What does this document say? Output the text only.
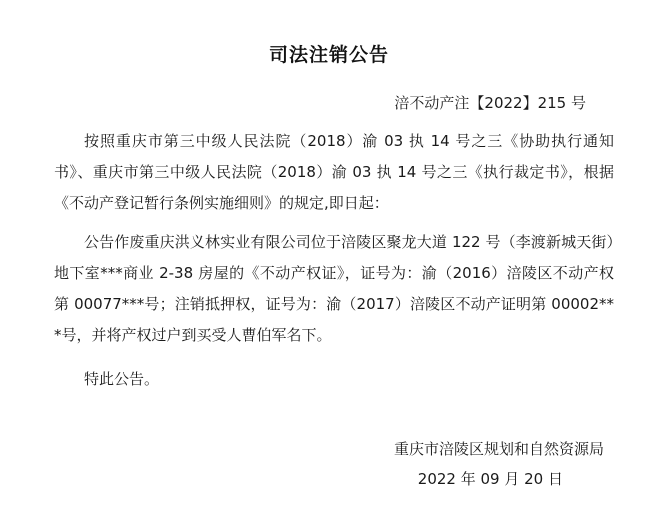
司法注销公告
涪不动产注【2022】215 号
按照重庆市第三中级人民法院（2018）渝 03 执 14 号之三《协助执行通知书》、重庆市第三中级人民法院（2018）渝 03 执 14 号之三《执行裁定书》，根据《不动产登记暂行条例实施细则》的规定,即日起：
公告作废重庆洪义林实业有限公司位于涪陵区聚龙大道 122 号（李渡新城天街）地下室***商业 2-38 房屋的《不动产权证》，证号为：渝（2016）涪陵区不动产权第 00077***号；注销抵押权，证号为：渝（2017）涪陵区不动产证明第 00002***号，并将产权过户到买受人曹伯军名下。
特此公告。
重庆市涪陵区规划和自然资源局
2022 年 09 月 20 日
